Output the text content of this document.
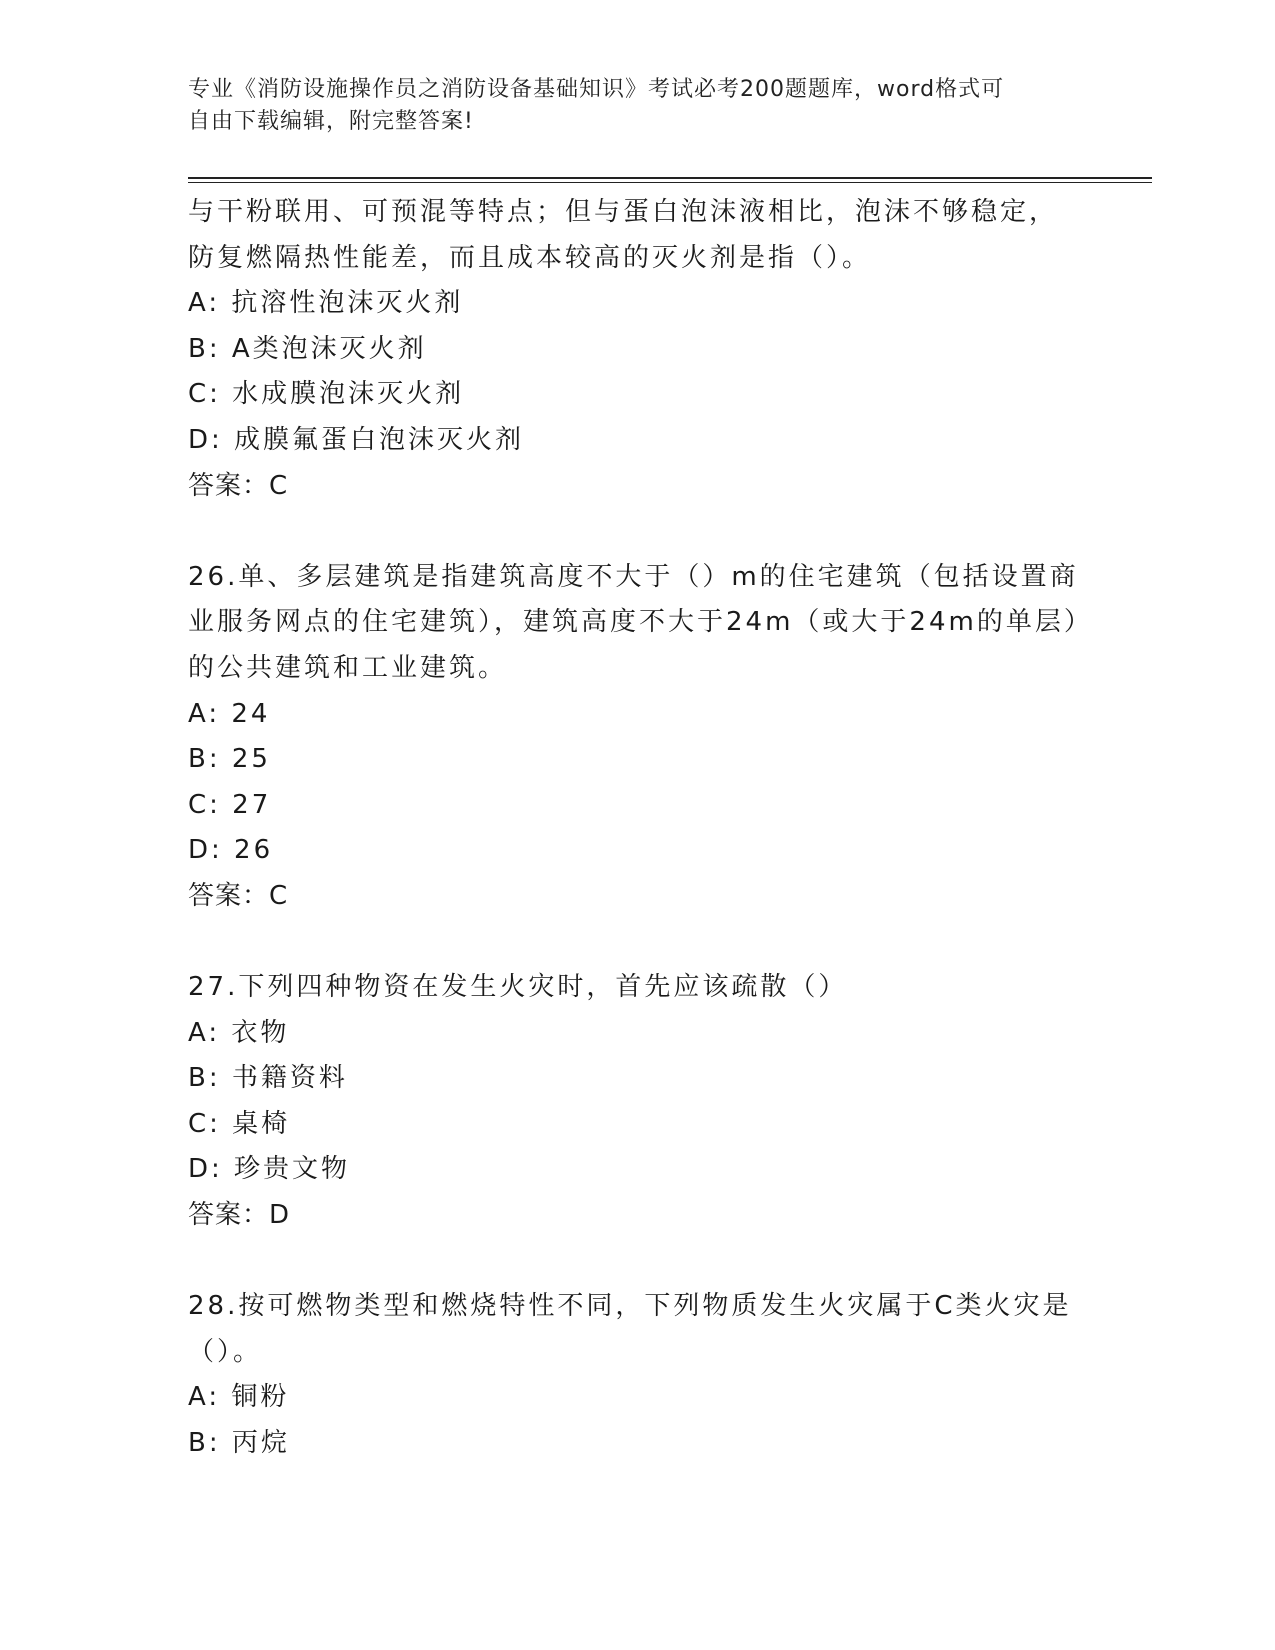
专业《消防设施操作员之消防设备基础知识》考试必考200题题库，word格式可
自由下载编辑，附完整答案!
与干粉联用、可预混等特点；但与蛋白泡沫液相比，泡沫不够稳定，
防复燃隔热性能差，而且成本较高的灭火剂是指（）。
A: 抗溶性泡沫灭火剂
B: A类泡沫灭火剂
C: 水成膜泡沫灭火剂
D: 成膜氟蛋白泡沫灭火剂
答案：C
26.单、多层建筑是指建筑高度不大于（）m的住宅建筑（包括设置商
业服务网点的住宅建筑），建筑高度不大于24m（或大于24m的单层）
的公共建筑和工业建筑。
A: 24
B: 25
C: 27
D: 26
答案：C
27.下列四种物资在发生火灾时，首先应该疏散（）
A: 衣物
B: 书籍资料
C: 桌椅
D: 珍贵文物
答案：D
28.按可燃物类型和燃烧特性不同，下列物质发生火灾属于C类火灾是
（）。
A: 铜粉
B: 丙烷
